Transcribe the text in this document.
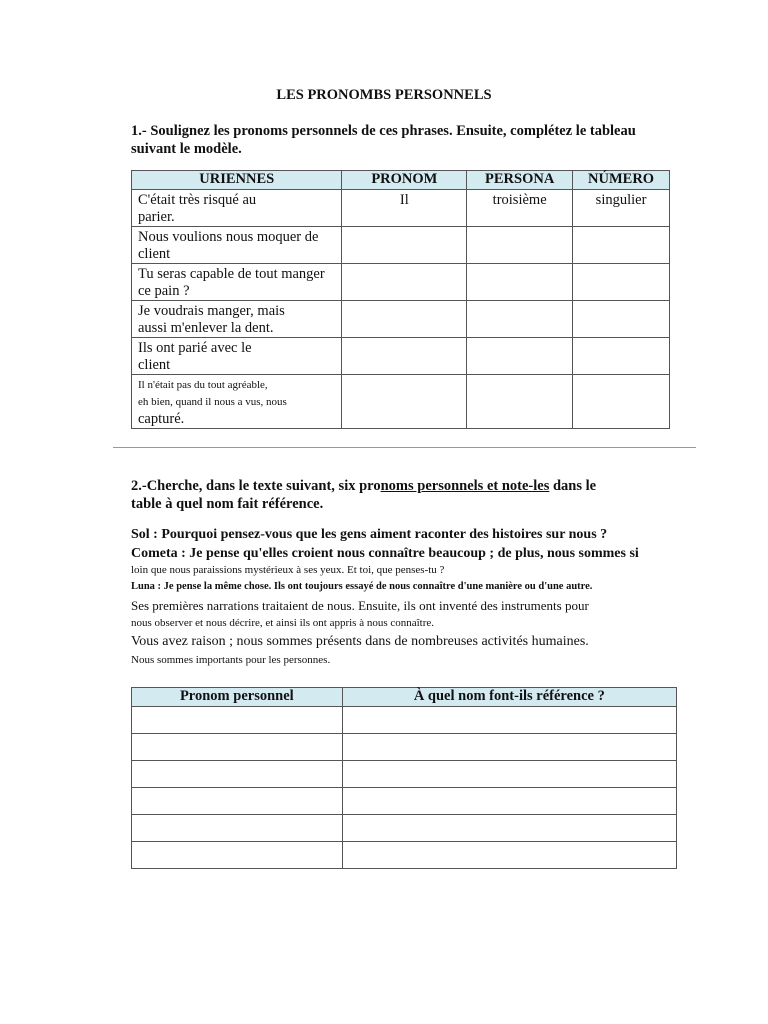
LES PRONOMBS PERSONNELS
1.- Soulignez les pronoms personnels de ces phrases. Ensuite, complétez le tableau
suivant le modèle.
URIENNES	PRONOM	PERSONA	NÚMERO

C'était très risqué au
parier.	Il	troisième	singulier

Nous voulions nous moquer de
client			

Tu seras capable de tout manger
ce pain ?			

Je voudrais manger, mais
aussi m'enlever la dent.			

Ils ont parié avec le
client			

Il n'était pas du tout agréable,
eh bien, quand il nous a vus, nous
capturé.			

2.-Cherche, dans le texte suivant, six pronoms personnels et note-les dans le
table à quel nom fait référence.
Sol : Pourquoi pensez-vous que les gens aiment raconter des histoires sur nous ?
Cometa : Je pense qu'elles croient nous connaître beaucoup ; de plus, nous sommes si
loin que nous paraissions mystérieux à ses yeux. Et toi, que penses-tu ?
Luna : Je pense la même chose. Ils ont toujours essayé de nous connaître d'une manière ou d'une autre.
Ses premières narrations traitaient de nous. Ensuite, ils ont inventé des instruments pour
nous observer et nous décrire, et ainsi ils ont appris à nous connaître.
Vous avez raison ; nous sommes présents dans de nombreuses activités humaines.
Nous sommes importants pour les personnes.
Pronom personnel	À quel nom font-ils référence ?
